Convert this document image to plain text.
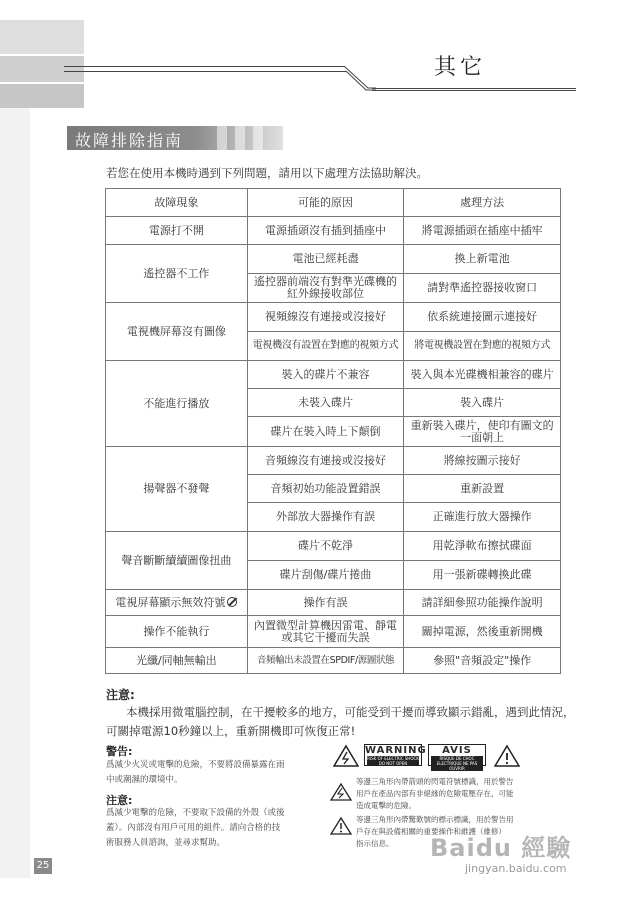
其它
故障排除指南
若您在使用本機時遇到下列問題，請用以下處理方法協助解決。
故障現象	可能的原因	處理方法
電源打不開	電源插頭沒有插到插座中	將電源插頭在插座中插牢
遙控器不工作	電池已經耗盡	換上新電池
	遙控器前端沒有對準光碟機的紅外線接收部位	請對準遙控器接收窗口
電視機屏幕沒有圖像	視頻線沒有連接或沒接好	依系統連接圖示連接好
	電視機沒有設置在對應的視頻方式	將電視機設置在對應的視頻方式
不能進行播放	裝入的碟片不兼容	裝入與本光碟機相兼容的碟片
	未裝入碟片	裝入碟片
	碟片在裝入時上下顛倒	重新裝入碟片，使印有圖文的一面朝上
揚聲器不發聲	音頻線沒有連接或沒接好	將線按圖示接好
	音頻初始功能設置錯誤	重新設置
	外部放大器操作有誤	正確進行放大器操作
聲音斷斷續續圖像扭曲	碟片不乾淨	用乾淨軟布擦拭碟面
	碟片刮傷/碟片捲曲	用一張新碟轉換此碟
電視屏幕顯示無效符號	操作有誤	請詳細參照功能操作說明
操作不能執行	內置微型計算機因雷電、靜電或其它干擾而失誤	關掉電源，然後重新開機
光纖/同軸無輸出	音頻輸出未設置在SPDIF/源圖狀態	參照"音頻設定"操作
注意:
本機採用微電腦控制，在干擾較多的地方，可能受到干擾而導致顯示錯亂，遇到此情況，
可關掉電源10秒鐘以上，重新開機即可恢復正常!
警告:
爲減少火災或電擊的危險，不要將設備暴露在雨
中或潮濕的環境中。
注意:
爲減少電擊的危險，不要取下設備的外殼（或後
蓋）。內部沒有用戶可用的組件。請向合格的技
術服務人員諮詢，並尋求幫助。
WARNING
RISK OF ELECTRIC SHOCK DO NOT OPEN
AVIS
RISQUE DE CHOC ELECTRIQUE NE PAS OUVRIR
等邊三角形內帶箭頭的閃電符號標識，用於警告
用戶在產品內部有非絕緣的危險電壓存在，可能
造成電擊的危險。
等邊三角形內帶驚歎號的標示標識，用於警告用
戶存在與設備相關的重要操作和維護（維修）
指示信息。
25
Baidu 經驗
jingyan.baidu.com
